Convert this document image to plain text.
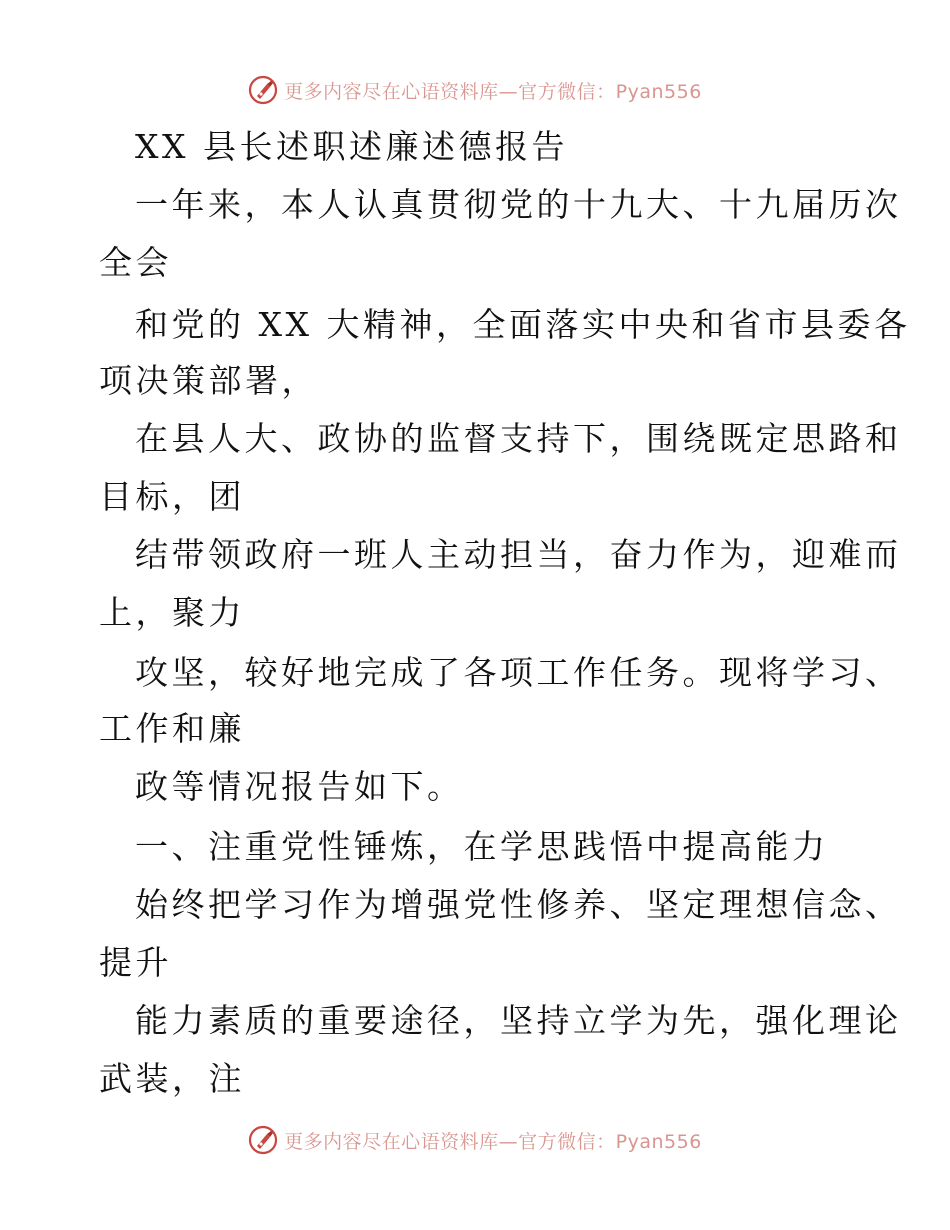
更多内容尽在心语资料库—官方微信：Pyan556
XX 县长述职述廉述德报告
一年来，本人认真贯彻党的十九大、十九届历次
全会
和党的 XX 大精神，全面落实中央和省市县委各
项决策部署，
在县人大、政协的监督支持下，围绕既定思路和
目标，团
结带领政府一班人主动担当，奋力作为，迎难而
上，聚力
攻坚，较好地完成了各项工作任务。现将学习、
工作和廉
政等情况报告如下。
一、注重党性锤炼，在学思践悟中提高能力
始终把学习作为增强党性修养、坚定理想信念、
提升
能力素质的重要途径，坚持立学为先，强化理论
武装，注
更多内容尽在心语资料库—官方微信：Pyan556
